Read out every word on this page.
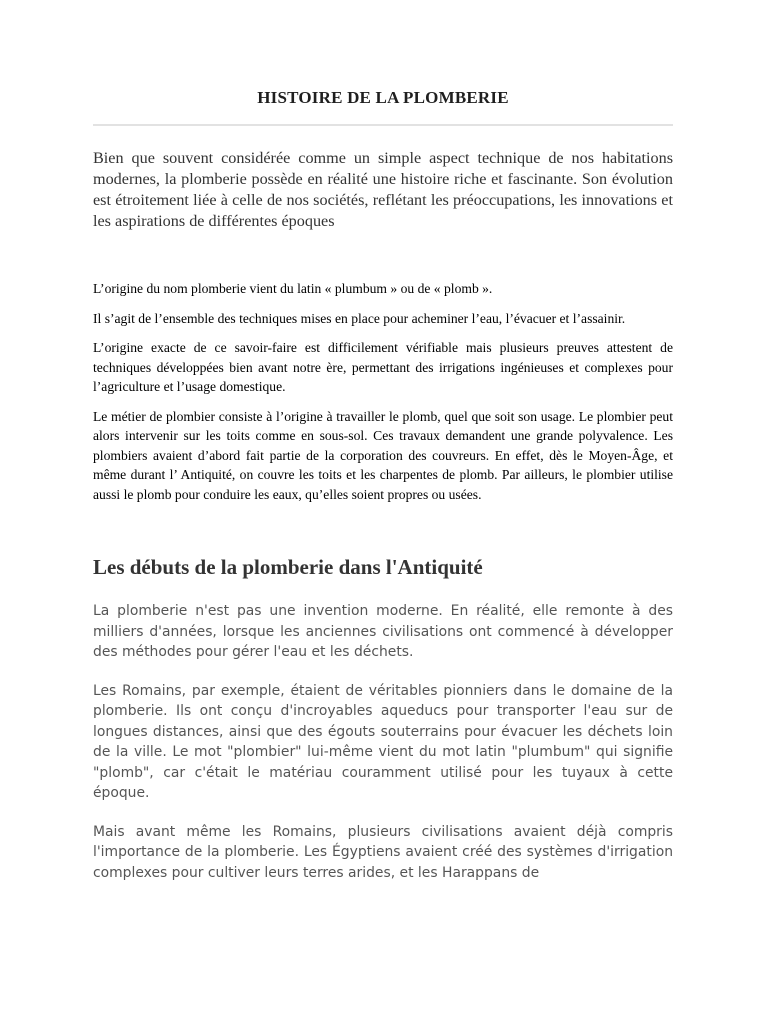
HISTOIRE DE LA PLOMBERIE

Bien que souvent considérée comme un simple aspect technique de nos habitations modernes, la plomberie possède en réalité une histoire riche et fascinante. Son évolution est étroitement liée à celle de nos sociétés, reflétant les préoccupations, les innovations et les aspirations de différentes époques

L’origine du nom plomberie vient du latin « plumbum » ou de « plomb ».

Il s’agit de l’ensemble des techniques mises en place pour acheminer l’eau, l’évacuer et l’assainir.

L’origine exacte de ce savoir-faire est difficilement vérifiable mais plusieurs preuves attestent de techniques développées bien avant notre ère, permettant des irrigations ingénieuses et complexes pour l’agriculture et l’usage domestique.

Le métier de plombier consiste à l’origine à travailler le plomb, quel que soit son usage. Le plombier peut alors intervenir sur les toits comme en sous-sol. Ces travaux demandent une grande polyvalence. Les plombiers avaient d’abord fait partie de la corporation des couvreurs. En effet, dès le Moyen-Âge, et même durant l’ Antiquité, on couvre les toits et les charpentes de plomb. Par ailleurs, le plombier utilise aussi le plomb pour conduire les eaux, qu’elles soient propres ou usées.

Les débuts de la plomberie dans l'Antiquité

La plomberie n'est pas une invention moderne. En réalité, elle remonte à des milliers d'années, lorsque les anciennes civilisations ont commencé à développer des méthodes pour gérer l'eau et les déchets.

Les Romains, par exemple, étaient de véritables pionniers dans le domaine de la plomberie. Ils ont conçu d'incroyables aqueducs pour transporter l'eau sur de longues distances, ainsi que des égouts souterrains pour évacuer les déchets loin de la ville. Le mot "plombier" lui-même vient du mot latin "plumbum" qui signifie "plomb", car c'était le matériau couramment utilisé pour les tuyaux à cette époque.

Mais avant même les Romains, plusieurs civilisations avaient déjà compris l'importance de la plomberie. Les Égyptiens avaient créé des systèmes d'irrigation complexes pour cultiver leurs terres arides, et les Harappans de
